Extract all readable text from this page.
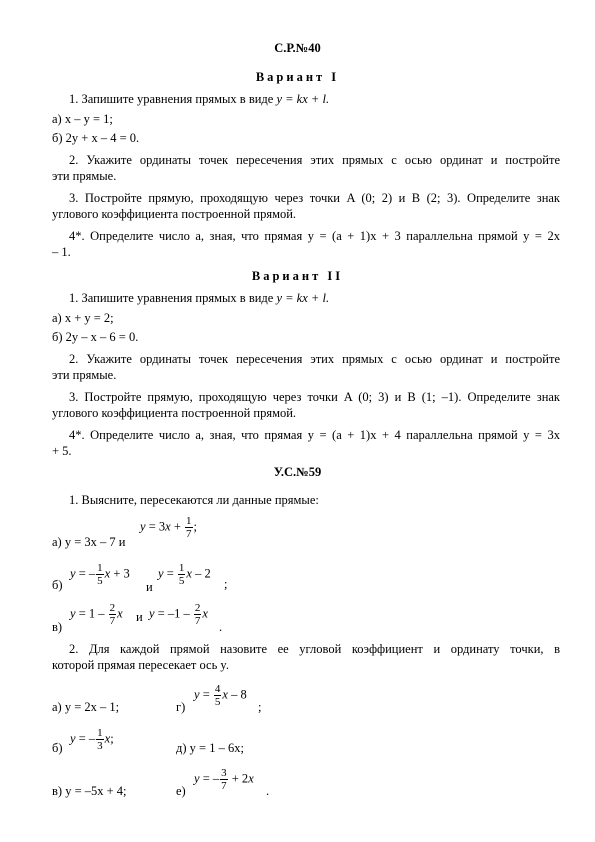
С.Р.№40
Вариант I
1. Запишите уравнения прямых в виде y = kx + l.
а) x – y = 1;
б) 2y + x – 4 = 0.
2. Укажите ординаты точек пересечения этих прямых с осью ординат и постройте
эти прямые.
3. Постройте прямую, проходящую через точки A (0; 2) и B (2; 3). Определите знак
углового коэффициента построенной прямой.
4*. Определите число a, зная, что прямая y = (a + 1)x + 3 параллельна прямой y = 2x
– 1.
Вариант II
1. Запишите уравнения прямых в виде y = kx + l.
а) x + y = 2;
б) 2y – x – 6 = 0.
2. Укажите ординаты точек пересечения этих прямых с осью ординат и постройте
эти прямые.
3. Постройте прямую, проходящую через точки A (0; 3) и B (1; –1). Определите знак
углового коэффициента построенной прямой.
4*. Определите число a, зная, что прямая y = (a + 1)x + 4 параллельна прямой y = 3x
+ 5.
У.С.№59
1. Выясните, пересекаются ли данные прямые:
а) y = 3x – 7 и
$y = 3x + \frac{1}{7}$ ;
б)
y = – $\frac{1}{5}$ x + 3
и
$y = \frac{1}{5}$ x – 2
;
в)
$y = 1 - \frac{2}{7}$ x и $y = -1 - \frac{2}{7}$ x
.
2. Для каждой прямой назовите ее угловой коэффициент и ординату точки, в
которой прямая пересекает ось y.
а) y = 2x – 1;	г)
$y = \frac{4}{5}$ x – 8
;
б)
y = – $\frac{1}{3} x$;
д) y = 1 – 6x;
в) y = –5x + 4;	е)
y = – $\frac{3}{7} + 2x$
.
